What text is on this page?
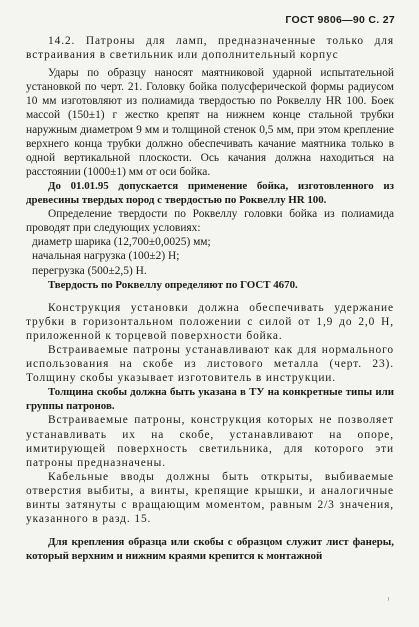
ГОСТ 9806—90 С. 27

14.2. Патроны для ламп, предназначенные только для встраивания в светильник или дополнительный корпус

Удары по образцу наносят маятниковой ударной испытательной установкой по черт. 21. Головку бойка полусферической формы радиусом 10 мм изготовляют из полиамида твердостью по Роквеллу HR 100. Боек массой (150±1) г жестко крепят на нижнем конце стальной трубки наружным диаметром 9 мм и толщиной стенок 0,5 мм, при этом крепление верхнего конца трубки должно обеспечивать качание маятника только в одной вертикальной плоскости. Ось качания должна находиться на расстоянии (1000±1) мм от оси бойка.

До 01.01.95 допускается применение бойка, изготовленного из древесины твердых пород с твердостью по Роквеллу HR 100.

Определение твердости по Роквеллу головки бойка из полиамида проводят при следующих условиях:

диаметр шарика (12,700±0,0025) мм;

начальная нагрузка (100±2) Н;

перегрузка (500±2,5) Н.

Твердость по Роквеллу определяют по ГОСТ 4670.

Конструкция установки должна обеспечивать удержание трубки в горизонтальном положении с силой от 1,9 до 2,0 Н, приложенной к торцевой поверхности бойка.

Встраиваемые патроны устанавливают как для нормального использования на скобе из листового металла (черт. 23). Толщину скобы указывает изготовитель в инструкции.

Толщина скобы должна быть указана в ТУ на конкретные типы или группы патронов.

Встраиваемые патроны, конструкция которых не позволяет устанавливать их на скобе, устанавливают на опоре, имитирующей поверхность светильника, для которого эти патроны предназначены.

Кабельные вводы должны быть открыты, выбиваемые отверстия выбиты, а винты, крепящие крышки, и аналогичные винты затянуты с вращающим моментом, равным 2/3 значения, указанного в разд. 15.

Для крепления образца или скобы с образцом служит лист фанеры, который верхним и нижним краями крепится к монтажной

ˡ
